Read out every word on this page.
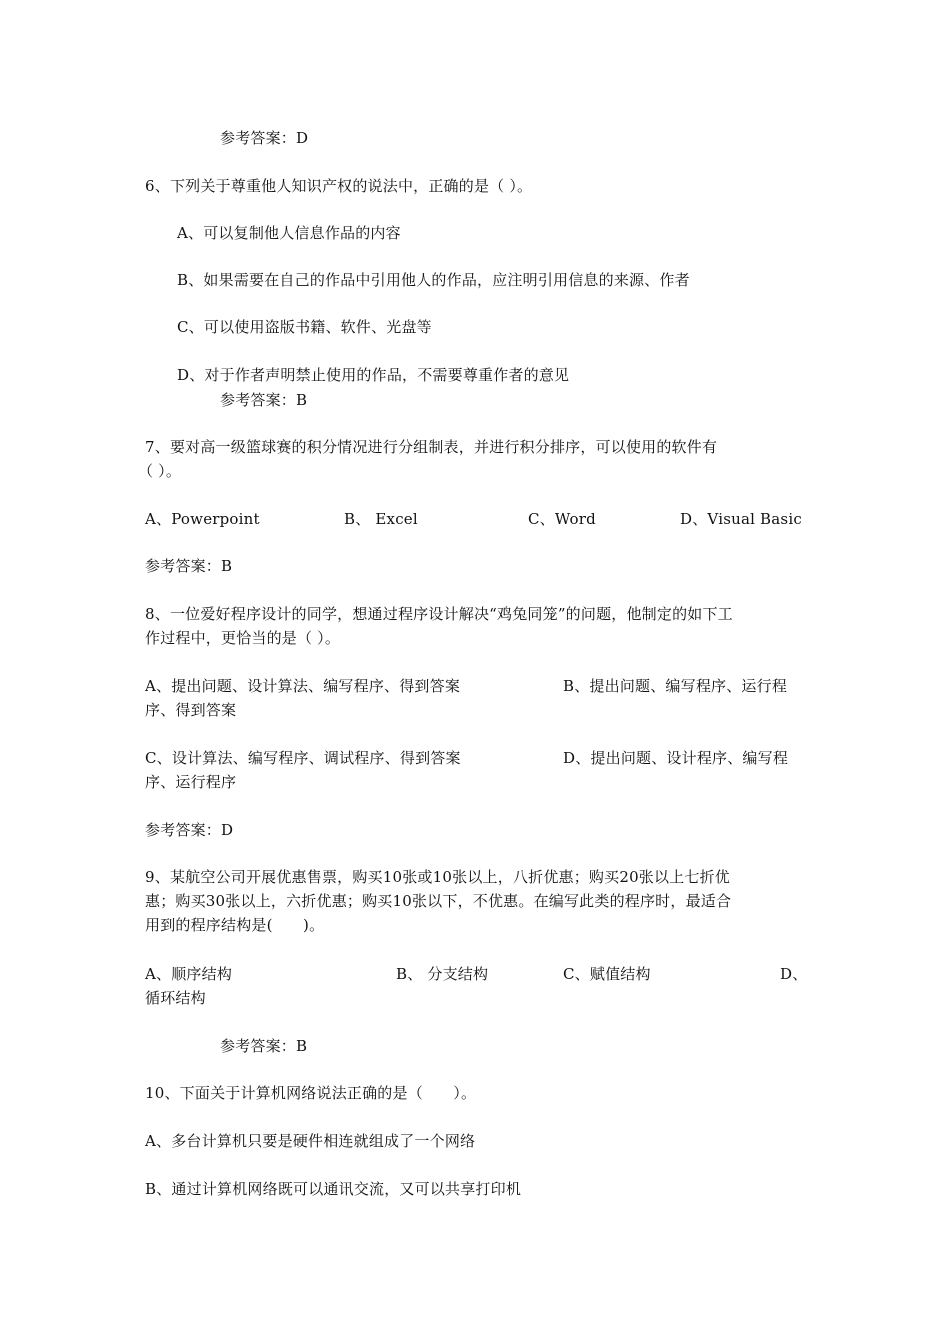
参考答案：D
6、下列关于尊重他人知识产权的说法中，正确的是（ ）。
A、可以复制他人信息作品的内容
B、如果需要在自己的作品中引用他人的作品，应注明引用信息的来源、作者
C、可以使用盗版书籍、软件、光盘等
D、对于作者声明禁止使用的作品，不需要尊重作者的意见
参考答案：B
7、要对高一级篮球赛的积分情况进行分组制表，并进行积分排序，可以使用的软件有
（ ）。
A、Powerpoint	B、 Excel	C、Word	D、Visual Basic
参考答案：B
8、一位爱好程序设计的同学，想通过程序设计解决“鸡兔同笼”的问题，他制定的如下工
作过程中，更恰当的是（ ）。
A、提出问题、设计算法、编写程序、得到答案	B、提出问题、编写程序、运行程
序、得到答案
C、设计算法、编写程序、调试程序、得到答案	D、提出问题、设计程序、编写程
序、运行程序
参考答案：D
9、某航空公司开展优惠售票，购买10张或10张以上，八折优惠；购买20张以上七折优
惠；购买30张以上，六折优惠；购买10张以下，不优惠。在编写此类的程序时，最适合
用到的程序结构是(　　)。
A、顺序结构	B、 分支结构	C、赋值结构	D、
循环结构
参考答案：B
10、下面关于计算机网络说法正确的是（　　）。
A、多台计算机只要是硬件相连就组成了一个网络
B、通过计算机网络既可以通讯交流，又可以共享打印机
